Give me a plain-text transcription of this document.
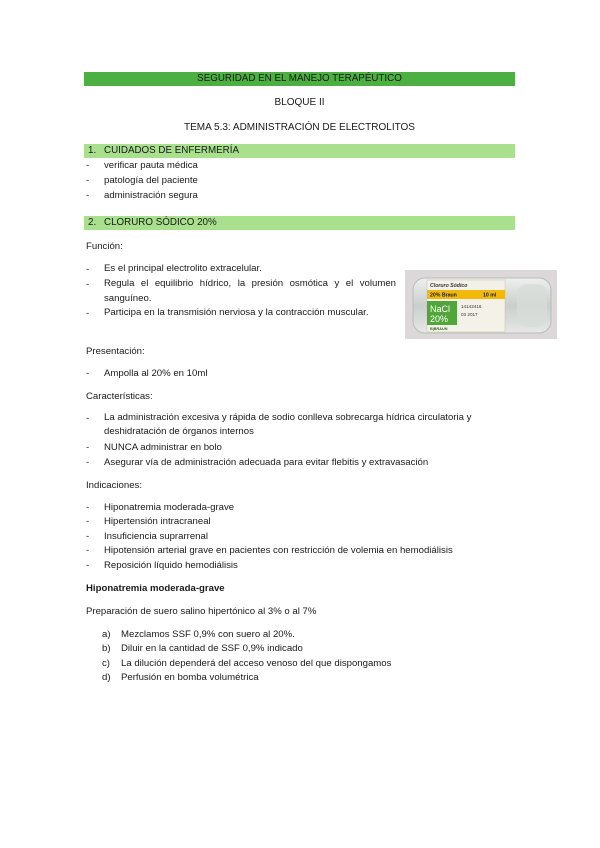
SEGURIDAD EN EL MANEJO TERAPÉUTICO
BLOQUE II
TEMA 5.3: ADMINISTRACIÓN DE ELECTROLITOS
1. CUIDADOS DE ENFERMERÍA
- verificar pauta médica
- patología del paciente
- administración segura
2. CLORURO SÓDICO 20%
Función:
- Es el principal electrolito extracelular.
- Regula el equilibrio hídrico, la presión osmótica y el volumen sanguíneo.
- Participa en la transmisión nerviosa y la contracción muscular.
Cloruro Sódico
20% Braun	10 ml
NaCl
20%
14142416
03 2017
B|BRAUN
Presentación:
- Ampolla al 20% en 10ml
Características:
- La administración excesiva y rápida de sodio conlleva sobrecarga hídrica circulatoria y deshidratación de órganos internos
- NUNCA administrar en bolo
- Asegurar vía de administración adecuada para evitar flebitis y extravasación
Indicaciones:
- Hiponatremia moderada-grave
- Hipertensión intracraneal
- Insuficiencia suprarrenal
- Hipotensión arterial grave en pacientes con restricción de volemia en hemodiálisis
- Reposición líquido hemodiálisis
Hiponatremia moderada-grave
Preparación de suero salino hipertónico al 3% o al 7%
a) Mezclamos SSF 0,9% con suero al 20%.
b) Diluir en la cantidad de SSF 0,9% indicado
c) La dilución dependerá del acceso venoso del que dispongamos
d) Perfusión en bomba volumétrica
